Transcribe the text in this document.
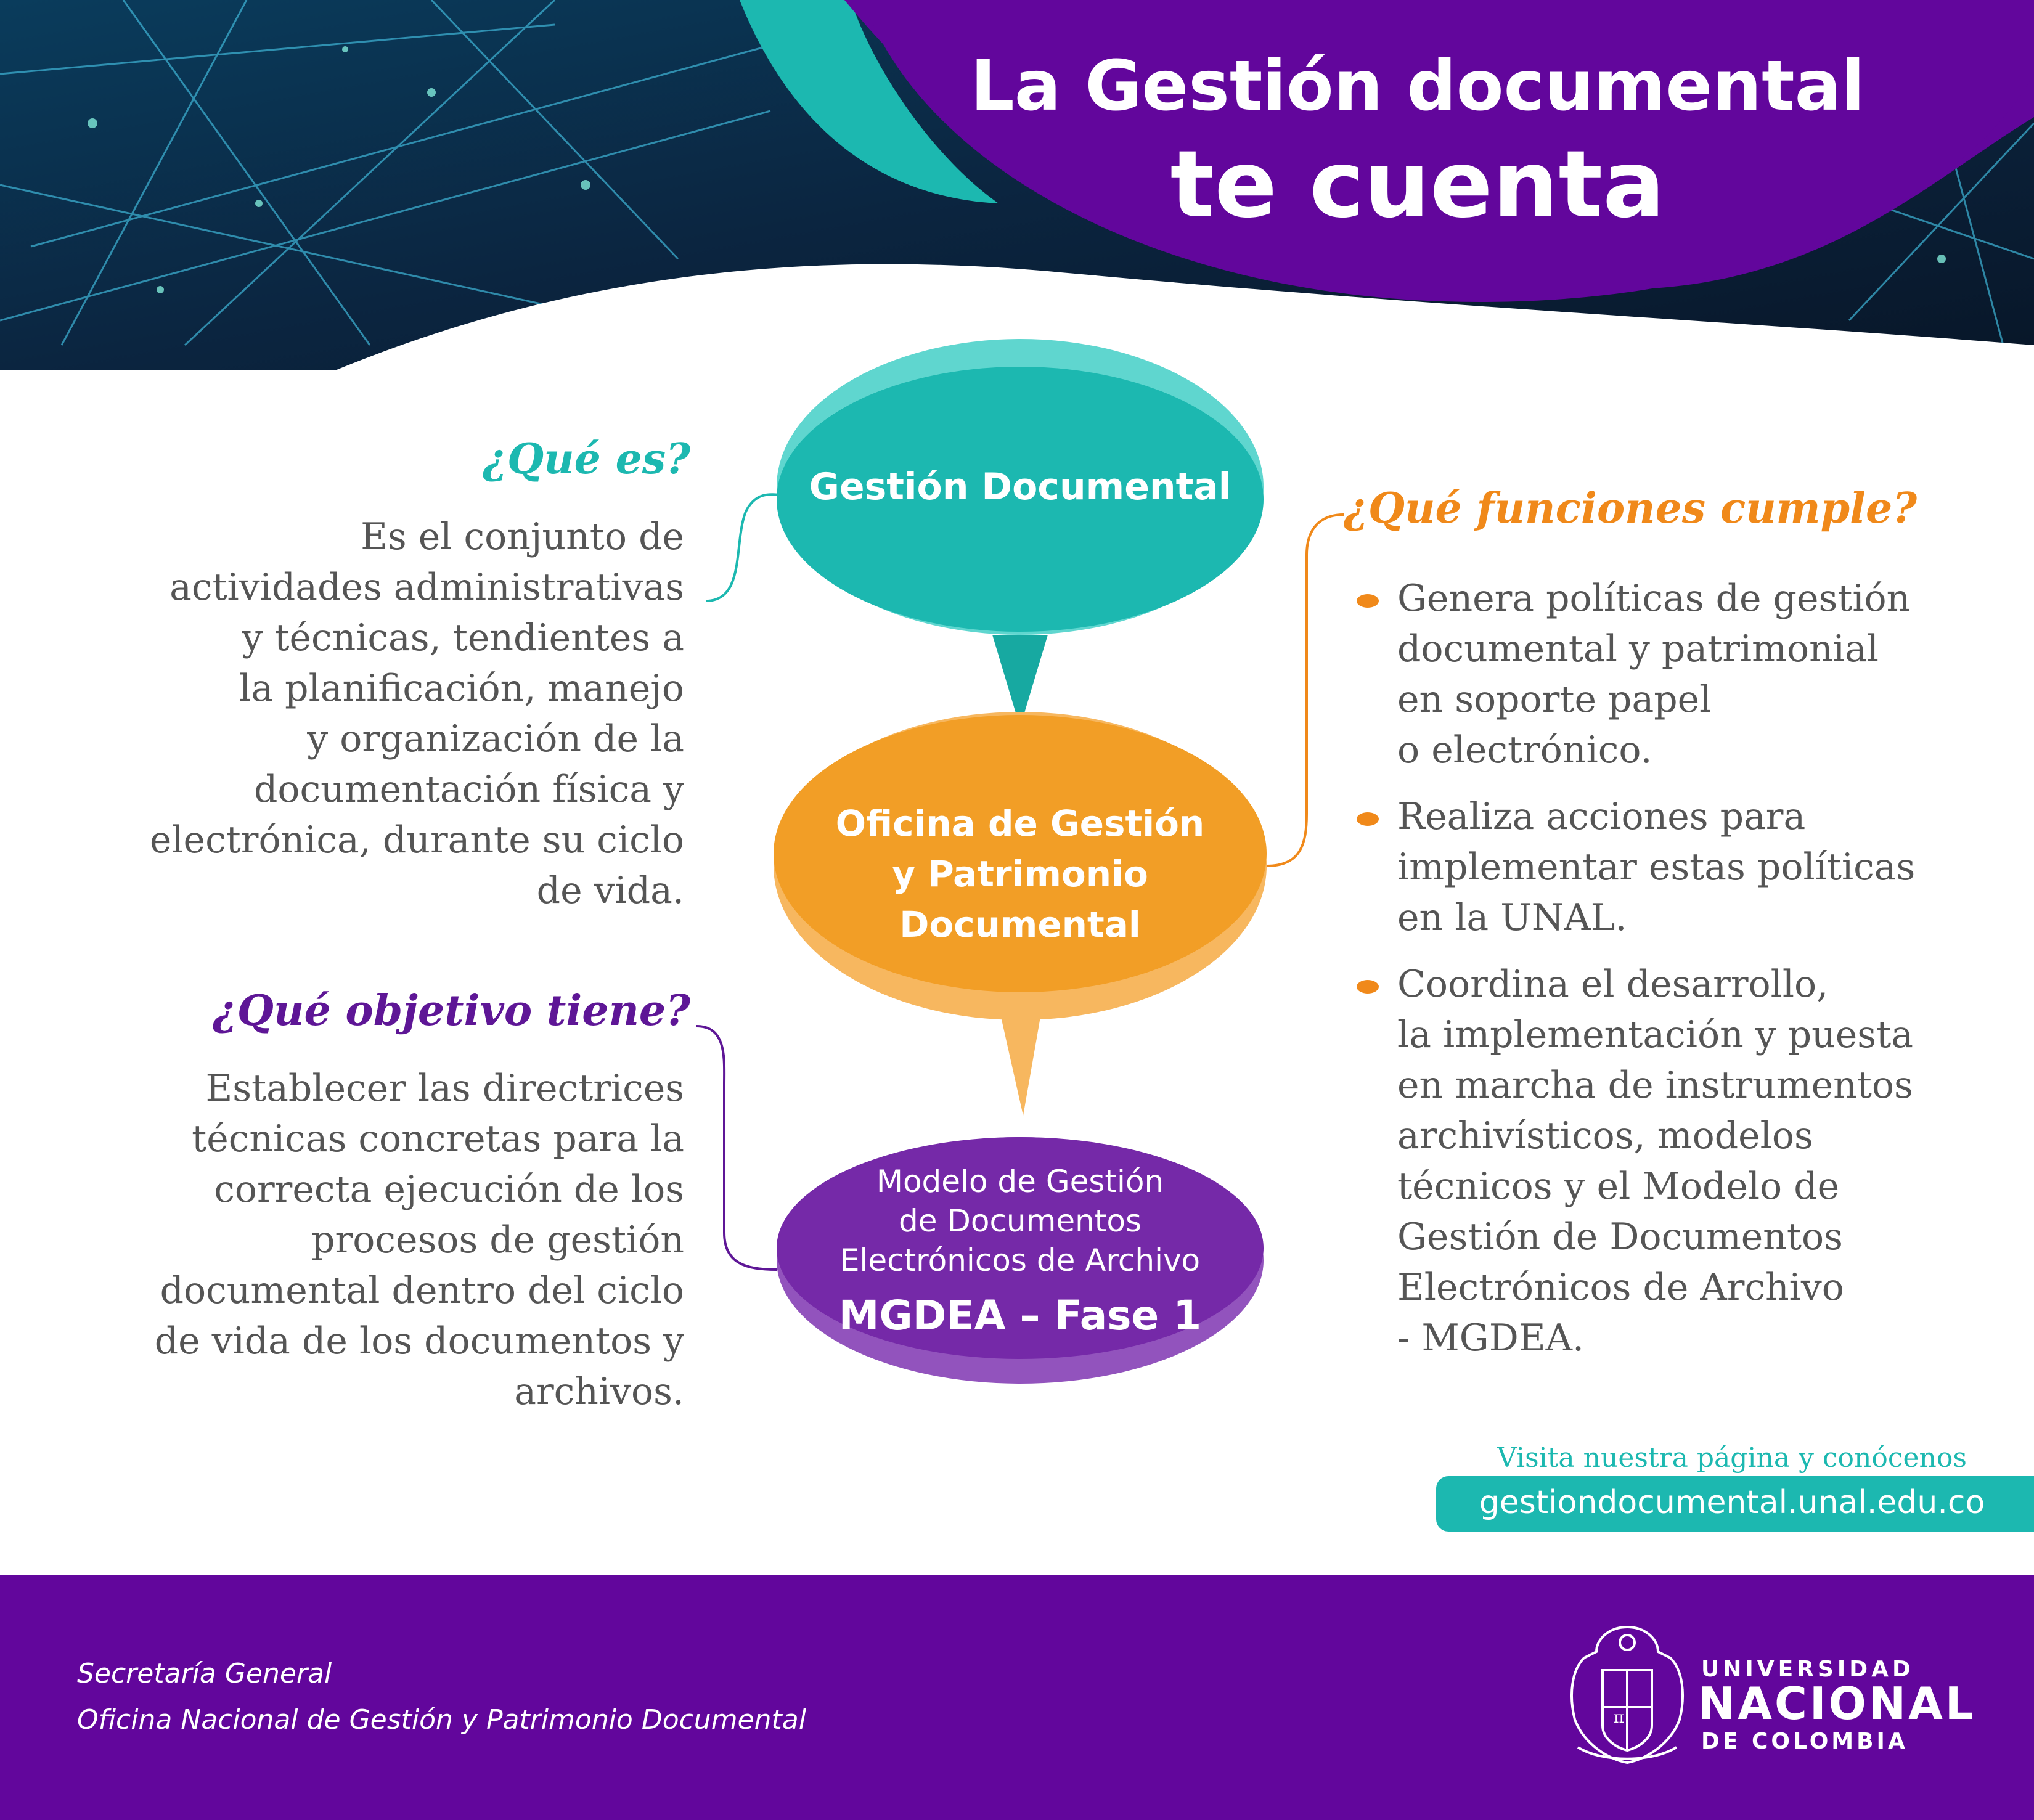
La Gestión documental
te cuenta
¿Qué es?
Es el conjunto de
actividades administrativas
y técnicas, tendientes a
la planificación, manejo
y organización de la
documentación física y
electrónica, durante su ciclo
de vida.
¿Qué objetivo tiene?
Establecer las directrices
técnicas concretas para la
correcta ejecución de los
procesos de gestión
documental dentro del ciclo
de vida de los documentos y
archivos.
Gestión Documental
Oficina de Gestión
y Patrimonio
Documental
Modelo de Gestión
de Documentos
Electrónicos de Archivo
MGDEA – Fase 1
¿Qué funciones cumple?
Genera políticas de gestión
documental y patrimonial
en soporte papel
o electrónico.
Realiza acciones para
implementar estas políticas
en la UNAL.
Coordina el desarrollo,
la implementación y puesta
en marcha de instrumentos
archivísticos, modelos
técnicos y el Modelo de
Gestión de Documentos
Electrónicos de Archivo
- MGDEA.
Visita nuestra página y conócenos
gestiondocumental.unal.edu.co
Secretaría General
Oficina Nacional de Gestión y Patrimonio Documental	π
UNIVERSIDAD
NACIONAL
DE COLOMBIA
